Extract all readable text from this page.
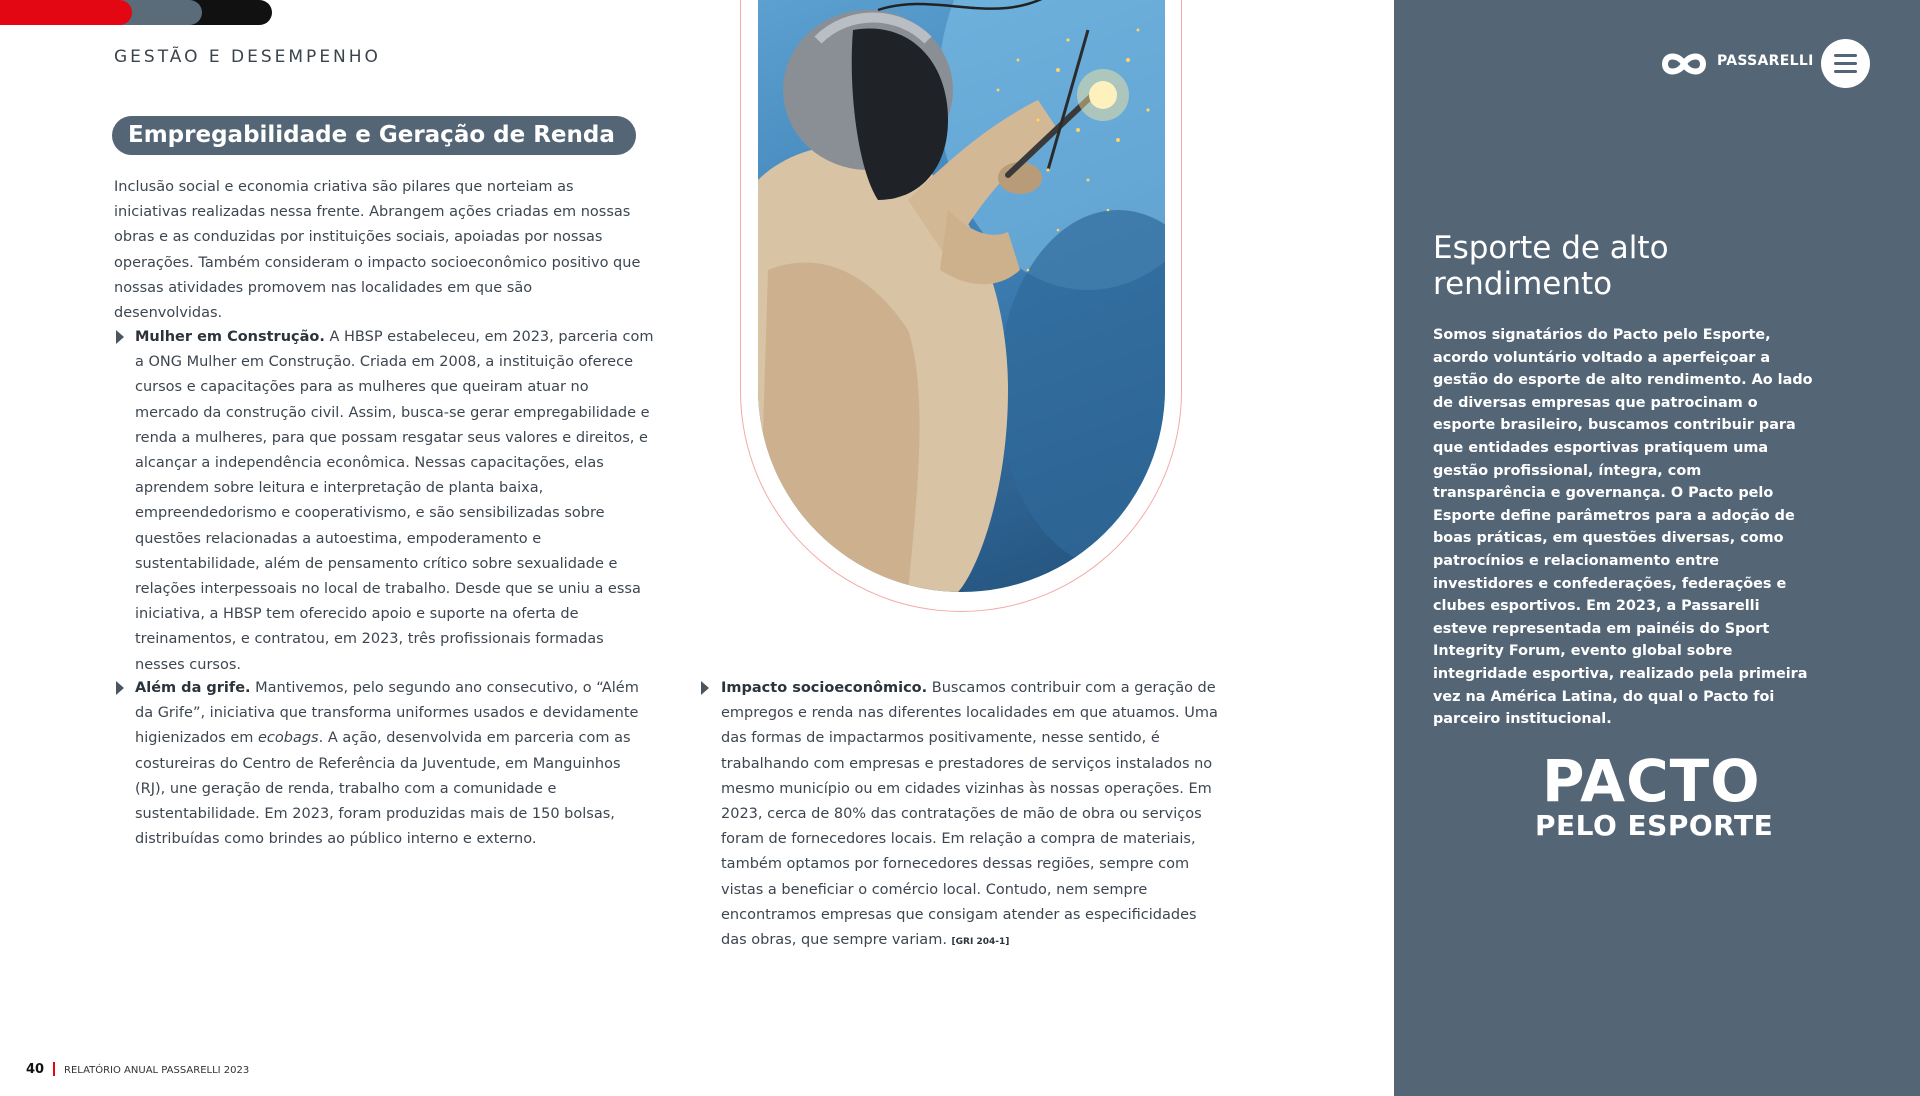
GESTÃO E DESEMPENHO
Empregabilidade e Geração de Renda
Inclusão social e economia criativa são pilares que norteiam as iniciativas realizadas nessa frente. Abrangem ações criadas em nossas obras e as conduzidas por instituições sociais, apoiadas por nossas operações. Também consideram o impacto socioeconômico positivo que nossas atividades promovem nas localidades em que são desenvolvidas.
Mulher em Construção. A HBSP estabeleceu, em 2023, parceria com a ONG Mulher em Construção. Criada em 2008, a instituição oferece cursos e capacitações para as mulheres que queiram atuar no mercado da construção civil. Assim, busca-se gerar empregabilidade e renda a mulheres, para que possam resgatar seus valores e direitos, e alcançar a independência econômica. Nessas capacitações, elas aprendem sobre leitura e interpretação de planta baixa, empreendedorismo e cooperativismo, e são sensibilizadas sobre questões relacionadas a autoestima, empoderamento e sustentabilidade, além de pensamento crítico sobre sexualidade e relações interpessoais no local de trabalho. Desde que se uniu a essa iniciativa, a HBSP tem oferecido apoio e suporte na oferta de treinamentos, e contratou, em 2023, três profissionais formadas nesses cursos.
Além da grife. Mantivemos, pelo segundo ano consecutivo, o “Além da Grife”, iniciativa que transforma uniformes usados e devidamente higienizados em ecobags. A ação, desenvolvida em parceria com as costureiras do Centro de Referência da Juventude, em Manguinhos (RJ), une geração de renda, trabalho com a comunidade e sustentabilidade. Em 2023, foram produzidas mais de 150 bolsas, distribuídas como brindes ao público interno e externo.
Impacto socioeconômico. Buscamos contribuir com a geração de empregos e renda nas diferentes localidades em que atuamos. Uma das formas de impactarmos positivamente, nesse sentido, é trabalhando com empresas e prestadores de serviços instalados no mesmo município ou em cidades vizinhas às nossas operações. Em 2023, cerca de 80% das contratações de mão de obra ou serviços foram de fornecedores locais. Em relação a compra de materiais, também optamos por fornecedores dessas regiões, sempre com vistas a beneficiar o comércio local. Contudo, nem sempre encontramos empresas que consigam atender as especificidades das obras, que sempre variam. [GRI 204-1]
PASSARELLI
Esporte de alto rendimento
Somos signatários do Pacto pelo Esporte, acordo voluntário voltado a aperfeiçoar a gestão do esporte de alto rendimento. Ao lado de diversas empresas que patrocinam o esporte brasileiro, buscamos contribuir para que entidades esportivas pratiquem uma gestão profissional, íntegra, com transparência e governança. O Pacto pelo Esporte define parâmetros para a adoção de boas práticas, em questões diversas, como patrocínios e relacionamento entre investidores e confederações, federações e clubes esportivos. Em 2023, a Passarelli esteve representada em painéis do Sport Integrity Forum, evento global sobre integridade esportiva, realizado pela primeira vez na América Latina, do qual o Pacto foi parceiro institucional.
PACTO
PELO ESPORTE
40 RELATÓRIO ANUAL PASSARELLI 2023
